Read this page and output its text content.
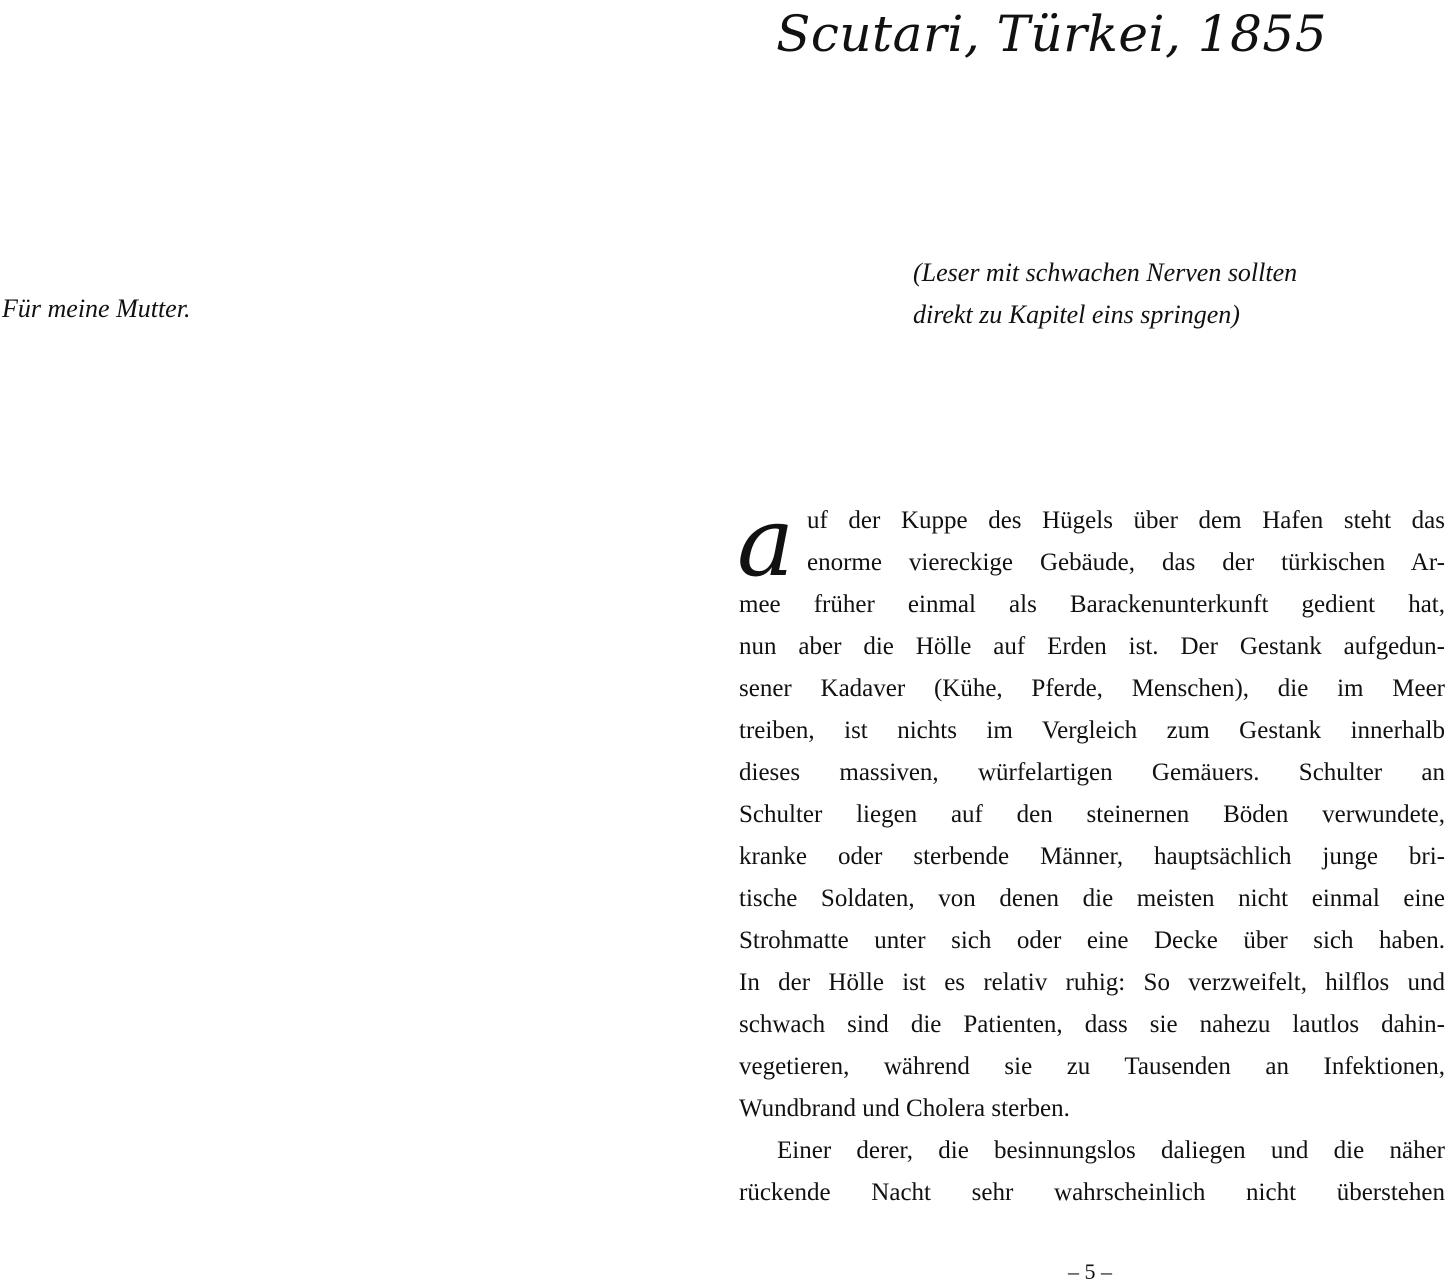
Scutari, Türkei, 1855

Für meine Mutter.

(Leser mit schwachen Nerven sollten
direkt zu Kapitel eins springen)

a uf der Kuppe des Hügels über dem Hafen steht das
enorme viereckige Gebäude, das der türkischen Ar-
mee früher einmal als Barackenunterkunft gedient hat,
nun aber die Hölle auf Erden ist. Der Gestank aufgedun-
sener Kadaver (Kühe, Pferde, Menschen), die im Meer
treiben, ist nichts im Vergleich zum Gestank innerhalb
dieses massiven, würfelartigen Gemäuers. Schulter an
Schulter liegen auf den steinernen Böden verwundete,
kranke oder sterbende Männer, hauptsächlich junge bri-
tische Soldaten, von denen die meisten nicht einmal eine
Strohmatte unter sich oder eine Decke über sich haben.
In der Hölle ist es relativ ruhig: So verzweifelt, hilflos und
schwach sind die Patienten, dass sie nahezu lautlos dahin-
vegetieren, während sie zu Tausenden an Infektionen,
Wundbrand und Cholera sterben.
Einer derer, die besinnungslos daliegen und die näher
rückende Nacht sehr wahrscheinlich nicht überstehen

– 5 –
